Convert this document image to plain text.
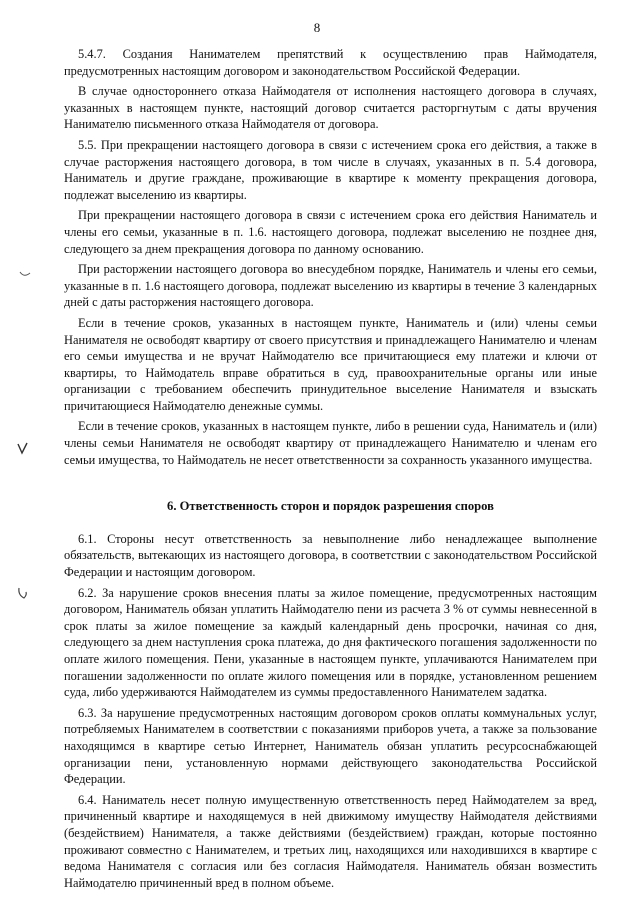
8

5.4.7. Создания Нанимателем препятствий к осуществлению прав Наймодателя, предусмотренных настоящим договором и законодательством Российской Федерации.

В случае одностороннего отказа Наймодателя от исполнения настоящего договора в случаях, указанных в настоящем пункте, настоящий договор считается расторгнутым с даты вручения Нанимателю письменного отказа Наймодателя от договора.

5.5. При прекращении настоящего договора в связи с истечением срока его действия, а также в случае расторжения настоящего договора, в том числе в случаях, указанных в п. 5.4 договора, Наниматель и другие граждане, проживающие в квартире к моменту прекращения договора, подлежат выселению из квартиры.

При прекращении настоящего договора в связи с истечением срока его действия Наниматель и члены его семьи, указанные в п. 1.6. настоящего договора, подлежат выселению не позднее дня, следующего за днем прекращения договора по данному основанию.

При расторжении настоящего договора во внесудебном порядке, Наниматель и члены его семьи, указанные в п. 1.6 настоящего договора, подлежат выселению из квартиры в течение 3 календарных дней с даты расторжения настоящего договора.

Если в течение сроков, указанных в настоящем пункте, Наниматель и (или) члены семьи Нанимателя не освободят квартиру от своего присутствия и принадлежащего Нанимателю и членам его семьи имущества и не вручат Наймодателю все причитающиеся ему платежи и ключи от квартиры, то Наймодатель вправе обратиться в суд, правоохранительные органы или иные организации с требованием обеспечить принудительное выселение Нанимателя и взыскать причитающиеся Наймодателю денежные суммы.

Если в течение сроков, указанных в настоящем пункте, либо в решении суда, Наниматель и (или) члены семьи Нанимателя не освободят квартиру от принадлежащего Нанимателю и членам его семьи имущества, то Наймодатель не несет ответственности за сохранность указанного имущества.

6. Ответственность сторон и порядок разрешения споров

6.1. Стороны несут ответственность за невыполнение либо ненадлежащее выполнение обязательств, вытекающих из настоящего договора, в соответствии с законодательством Российской Федерации и настоящим договором.

6.2. За нарушение сроков внесения платы за жилое помещение, предусмотренных настоящим договором, Наниматель обязан уплатить Наймодателю пени из расчета 3 % от суммы невнесенной в срок платы за жилое помещение за каждый календарный день просрочки, начиная со дня, следующего за днем наступления срока платежа, до дня фактического погашения задолженности по оплате жилого помещения. Пени, указанные в настоящем пункте, уплачиваются Нанимателем при погашении задолженности по оплате жилого помещения или в порядке, установленном решением суда, либо удерживаются Наймодателем из суммы предоставленного Нанимателем задатка.

6.3. За нарушение предусмотренных настоящим договором сроков оплаты коммунальных услуг, потребляемых Нанимателем в соответствии с показаниями приборов учета, а также за пользование находящимся в квартире сетью Интернет, Наниматель обязан уплатить ресурсоснабжающей организации пени, установленную нормами действующего законодательства Российской Федерации.

6.4. Наниматель несет полную имущественную ответственность перед Наймодателем за вред, причиненный квартире и находящемуся в ней движимому имуществу Наймодателя действиями (бездействием) Нанимателя, а также действиями (бездействием) граждан, которые постоянно проживают совместно с Нанимателем, и третьих лиц, находящихся или находившихся в квартире с ведома Нанимателя с согласия или без согласия Наймодателя. Наниматель обязан возместить Наймодателю причиненный вред в полном объеме.
